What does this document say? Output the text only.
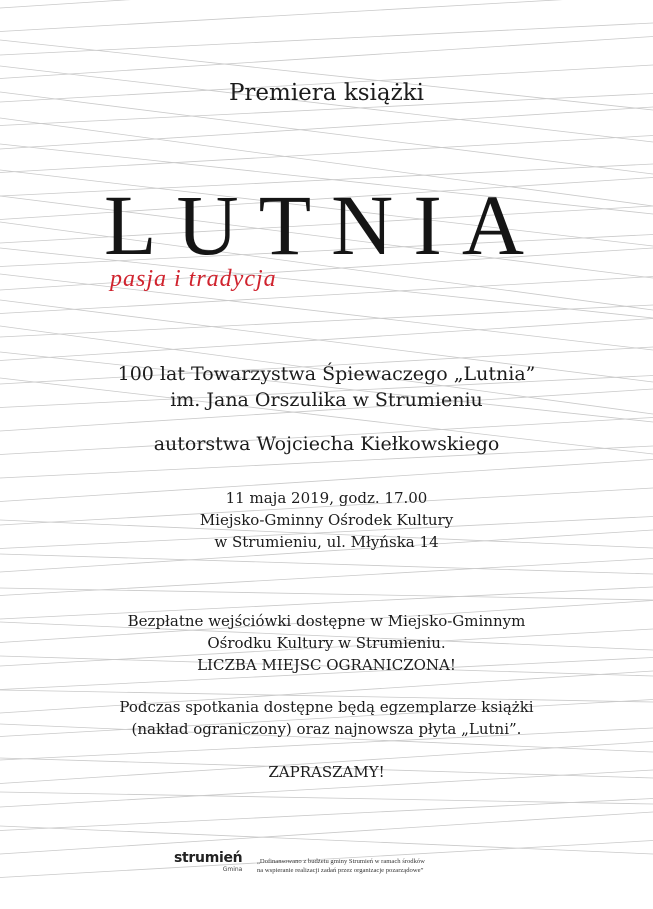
Premiera książki
LUTNIA
pasja i tradycja
100 lat Towarzystwa Śpiewaczego „Lutnia”
im. Jana Orszulika w Strumieniu
autorstwa Wojciecha Kiełkowskiego
11 maja 2019, godz. 17.00
Miejsko-Gminny Ośrodek Kultury
w Strumieniu, ul. Młyńska 14
Bezpłatne wejściówki dostępne w Miejsko-Gminnym
Ośrodku Kultury w Strumieniu.
LICZBA MIEJSC OGRANICZONA!
Podczas spotkania dostępne będą egzemplarze książki
(nakład ograniczony) oraz najnowsza płyta „Lutni”.
ZAPRASZAMY!
strumień
Gmina
„Dofinansowano z budżetu gminy Strumień w ramach środków
na wspieranie realizacji zadań przez organizacje pozarządowe”
